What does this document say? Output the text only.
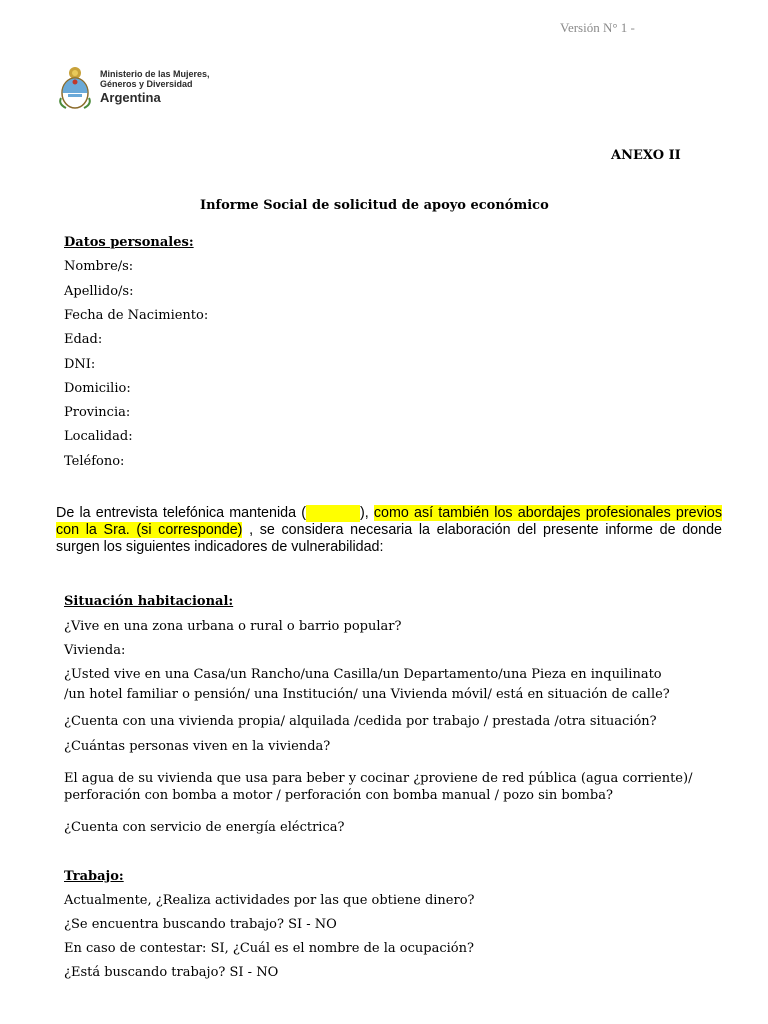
Versión N° 1 -
Ministerio de las Mujeres,
Géneros y Diversidad
Argentina
ANEXO II
Informe Social de solicitud de apoyo económico
Datos personales:
Nombre/s:
Apellido/s:
Fecha de Nacimiento:
Edad:
DNI:
Domicilio:
Provincia:
Localidad:
Teléfono:
De la entrevista telefónica mantenida (	), como así también los abordajes profesionales previos con la Sra. (si corresponde) , se considera necesaria la elaboración del presente informe de donde surgen los siguientes indicadores de vulnerabilidad:
Situación habitacional:
¿Vive en una zona urbana o rural o barrio popular?
Vivienda:
¿Usted vive en una Casa/un Rancho/una Casilla/un Departamento/una Pieza en inquilinato
/un hotel familiar o pensión/ una Institución/ una Vivienda móvil/ está en situación de calle?
¿Cuenta con una vivienda propia/ alquilada /cedida por trabajo / prestada /otra situación?
¿Cuántas personas viven en la vivienda?
El agua de su vivienda que usa para beber y cocinar ¿proviene de red pública (agua corriente)/
perforación con bomba a motor / perforación con bomba manual / pozo sin bomba?
¿Cuenta con servicio de energía eléctrica?
Trabajo:
Actualmente, ¿Realiza actividades por las que obtiene dinero?
¿Se encuentra buscando trabajo? SI - NO
En caso de contestar: SI, ¿Cuál es el nombre de la ocupación?
¿Está buscando trabajo? SI - NO
